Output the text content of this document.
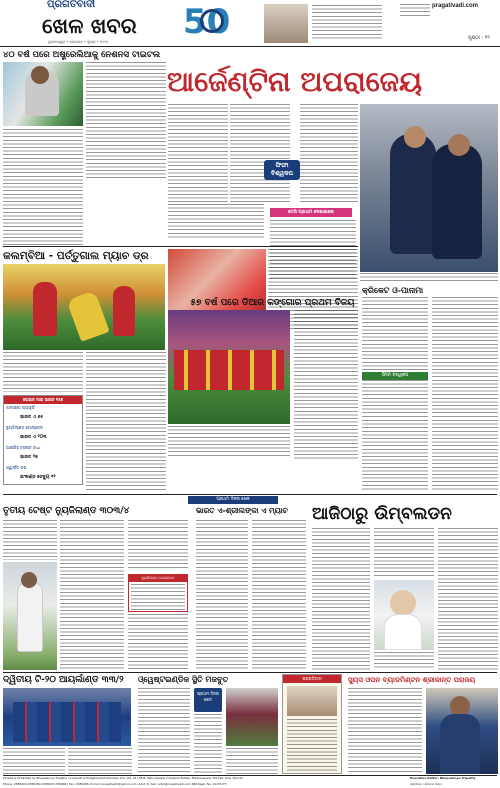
ପ୍ରଗତିବାଦୀ
ଖେଳ ଖବର
ଭୁବନେଶ୍ୱର • ସୋମବାର • ଜୁଲାଇ • ୨୦୨୫ 50	pragativadi.com
ପୃଷ୍ଠା : ୧୨
୪୦ ବର୍ଷ ପରେ ଅଷ୍ଟ୍ରେଲିଆକୁ ନେଶନସ ଟାଇଟଲ
ଆର୍ଜେଣ୍ଟିନା ଅପରାଜେୟ
ଫିଫା ବିଶ୍ୱକପ
ମେସି ପ୍ରଥମ ଦେଖାଇଲେ
କଲମ୍ବିଆ - ପର୍ତ୍ତୁଗାଲ ମ୍ୟାଚ ଡ୍ର
୫୭ ବର୍ଷ ପରେ ଡିଆର କଙ୍ଗୋର ପ୍ରଥମ ବିଜୟ
କ୍ରିକେଟ ଓ-ପାନାମା
ଫିଫା ବିଶ୍ୱକପ
ଜୋହାନ ମାରା ଭାରତ ୧୫୭
ଜାମାଇକା ପ୍ୟାନ୍ଥର୍ସ
ଭାରତ ଏ ୬୫
ନ୍ୟୁଜିଲାଣ୍ଡ ଗୋଲ୍ଡେନ
ଭାରତ ଏ ୨୦୩
ଆଇରିସ ଟ୍ରଷ୍ଟ ବାଧା
ଭାରତ ୨୭
ଓ୍ୱାର୍ଲ୍ଡ କପ
ଇଂଲଣ୍ଡ ଡେବ୍ୟୁ ୧୨
ପ୍ରଥମ ଦିନର ଖେଳ
ତୃତୀୟ ଟେଷ୍ଟ ନ୍ୟୁଜିଲାଣ୍ଡ ୩୦୩/୪
ନ୍ୟୁଜିଲାଣ୍ଡ ଗୋଲ୍ଡେନ
ଭାରତ ଏ-ଶ୍ରୀଲଙ୍କା ଏ ମ୍ୟାଚ	ଆଜିଠାରୁ ଉିମ୍ବଲଡନ
ଦ୍ୱିତୀୟ ଟି-୨୦ ଆୟର୍ଲାଣ୍ଡ ୩୩/୨	ଓ୍ୱେଷ୍ଟଇଣ୍ଡିଜ ସ୍ଥିତି ମଜବୁତ
ପ୍ରଥମ ଦିନର ଖେଳ
ପ୍ରଗତିବାଦୀ	ସୁୟସ ଓପନ ବ୍ୟାଡମିଣ୍ଟନ ଶ୍ରୀକାନ୍ତ ପରାଜୟ
Printed & Published by Bhupeshnya Tripathy on behalf of Pragativadi Publication Pvt. Ltd. at 178-B, Mancheswar Industrial Estate, Bhubaneswar-751010, Dist. Khurda
Phone: 2588200,2588250,2588207,2589901 Fax: 2585286, E-mail: pragativadi@yahoo.com. Advt. E-mail: advt@pragativadi.com RNI Regd. No. 21271/73
Executive Editor: Bhupeshnya Tripathy
ସମ୍ପାଦକ: ପ୍ରିତେଶ ମିଶ୍ର
